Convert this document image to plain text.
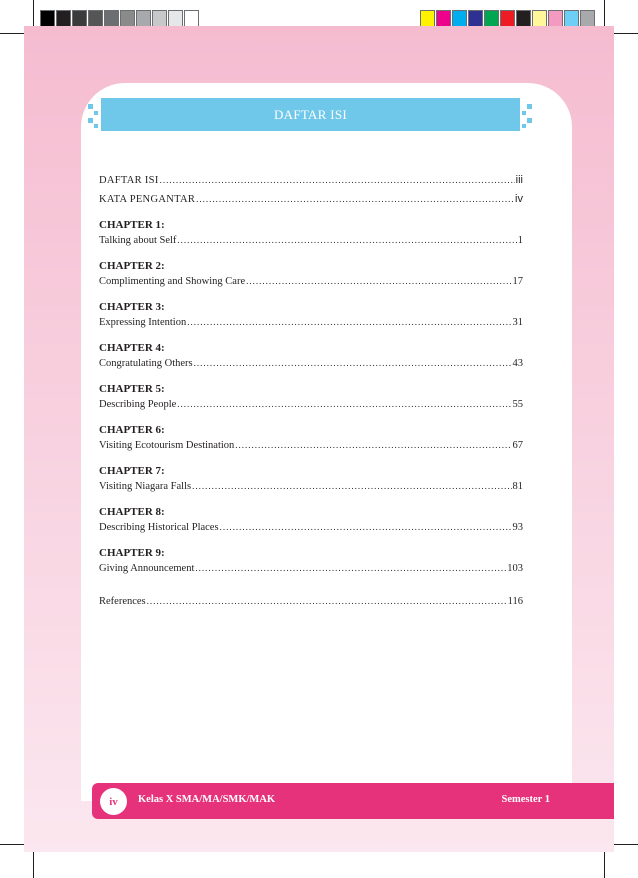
DAFTAR ISI
DAFTAR ISI .....	iii
KATA PENGANTAR .....	iv
CHAPTER 1:
Talking about Self .....	1
CHAPTER 2:
Complimenting and Showing Care .....	17
CHAPTER 3:
Expressing Intention .....	31
CHAPTER 4:
Congratulating Others .....	43
CHAPTER 5:
Describing People .....	55
CHAPTER 6:
Visiting Ecotourism Destination .....	67
CHAPTER 7:
Visiting Niagara Falls .....	81
CHAPTER 8:
Describing Historical Places .....	93
CHAPTER 9:
Giving Announcement .....	103
References .....	116
iv	Kelas X SMA/MA/SMK/MAK	Semester 1
